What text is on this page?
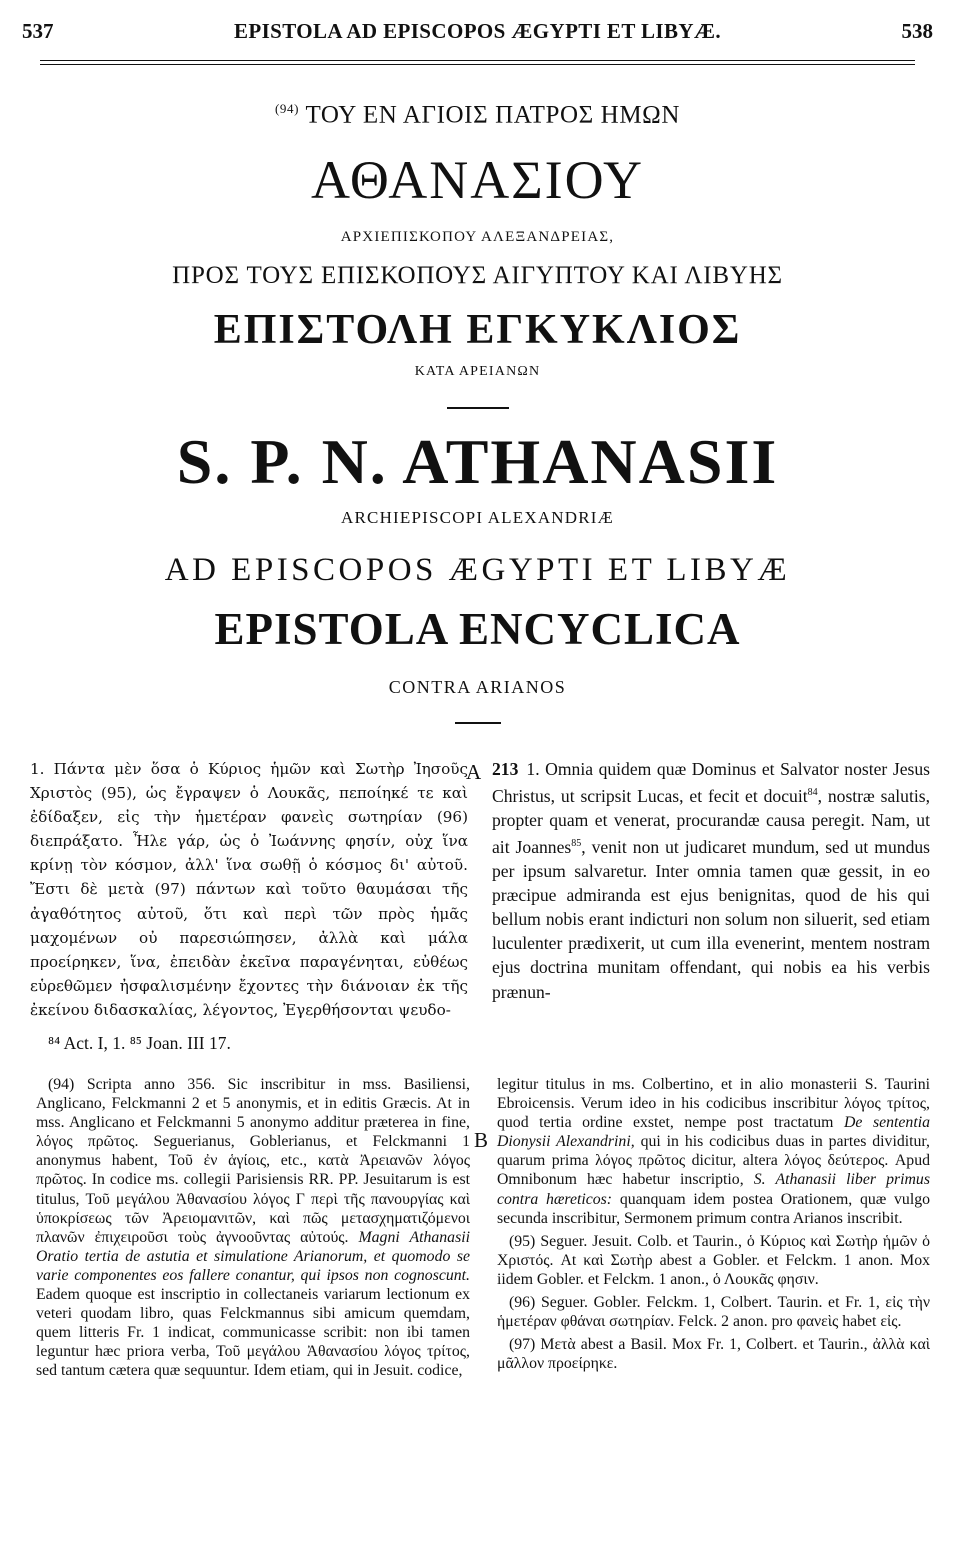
537	EPISTOLA AD EPISCOPOS ÆGYPTI ET LIBYÆ.	538
$^{(94)}$ ΤΟΥ ΕΝ ΑΓΙΟΙΣ ΠΑΤΡΟΣ ΗΜΩΝ
ΑΘΑΝΑΣΙΟΥ
ΑΡΧΙΕΠΙΣΚΟΠΟΥ ΑΛΕΞΑΝΔΡΕΙΑΣ,
ΠΡΟΣ ΤΟΥΣ ΕΠΙΣΚΟΠΟΥΣ ΑΙΓΥΠΤΟΥ ΚΑΙ ΛΙΒΥΗΣ
ΕΠΙΣΤΟΛΗ ΕΓΚΥΚΛΙΟΣ
ΚΑΤΑ ΑΡΕΙΑΝΩΝ
S. P. N. ATHANASII
ARCHIEPISCOPI ALEXANDRIÆ
AD EPISCOPOS ÆGYPTI ET LIBYÆ
EPISTOLA ENCYCLICA
CONTRA ARIANOS

1. Πάντα μὲν ὅσα ὁ Κύριος ἡμῶν καὶ Σωτὴρ Ἰησοῦς Χριστὸς (95), ὡς ἔγραψεν ὁ Λουκᾶς, πεποίηκέ τε καὶ ἐδίδαξεν, εἰς τὴν ἡμετέραν φανεὶς σωτηρίαν (96) διεπράξατο. Ἦλε γάρ, ὡς ὁ Ἰωάννης φησίν, οὐχ ἵνα κρίνῃ τὸν κόσμον, ἀλλ' ἵνα σωθῇ ὁ κόσμος δι' αὐτοῦ. Ἔστι δὲ μετὰ (97) πάντων καὶ τοῦτο θαυμάσαι τῆς ἀγαθότητος αὐτοῦ, ὅτι καὶ περὶ τῶν πρὸς ἡμᾶς μαχομένων οὐ παρεσιώπησεν, ἀλλὰ καὶ μάλα προείρηκεν, ἵνα, ἐπειδὰν ἐκεῖνα παραγένηται, εὐθέως εὑρεθῶμεν ἠσφαλισμένην ἔχοντες τὴν διάνοιαν ἐκ τῆς ἐκείνου διδασκαλίας, λέγοντος, Ἐγερθήσονται ψευδο-

213 1. Omnia quidem quæ Dominus et Salvator noster Jesus Christus, ut scripsit Lucas, et fecit et docuit$^{84}$, nostræ salutis, propter quam et venerat, procurandæ causa peregit. Nam, ut ait Joannes$^{85}$, venit non ut judicaret mundum, sed ut mundus per ipsum salvaretur. Inter omnia tamen quæ gessit, in eo præcipue admiranda est ejus benignitas, quod de his qui bellum nobis erant indicturi non solum non siluerit, sed etiam luculenter prædixerit, ut cum illa evenerint, mentem nostram ejus doctrina munitam offendant, qui nobis ea his verbis prænun-

A
B
⁸⁴ Act. I, 1. ⁸⁵ Joan. III 17.

(94) Scripta anno 356. Sic inscribitur in mss. Basiliensi, Anglicano, Felckmanni 2 et 5 anonymis, et in editis Græcis. At in mss. Anglicano et Felckmanni 5 anonymo additur præterea in fine, λόγος πρῶτος. Seguerianus, Goblerianus, et Felckmanni 1 anonymus habent, Τοῦ ἐν ἁγίοις, etc., κατὰ Ἀρειανῶν λόγος πρῶτος. In codice ms. collegii Parisiensis RR. PP. Jesuitarum is est titulus, Τοῦ μεγάλου Ἀθανασίου λόγος Γ περὶ τῆς πανουργίας καὶ ὑποκρίσεως τῶν Ἀρειομανιτῶν, καὶ πῶς μετασχηματιζόμενοι πλανῶν ἐπιχειροῦσι τοὺς ἀγνοοῦντας αὐτούς. Magni Athanasii Oratio tertia de astutia et simulatione Arianorum, et quomodo se varie componentes eos fallere conantur, qui ipsos non cognoscunt. Eadem quoque est inscriptio in collectaneis variarum lectionum ex veteri quodam libro, quas Felckmannus sibi amicum quemdam, quem litteris Fr. 1 indicat, communicasse scribit: non ibi tamen leguntur hæc priora verba, Τοῦ μεγάλου Ἀθανασίου λόγος τρίτος, sed tantum cætera quæ sequuntur. Idem etiam, qui in Jesuit. codice,

legitur titulus in ms. Colbertino, et in alio monasterii S. Taurini Ebroicensis. Verum ideo in his codicibus inscribitur λόγος τρίτος, quod tertia ordine exstet, nempe post tractatum De sententia Dionysii Alexandrini, qui in his codicibus duas in partes dividitur, quarum prima λόγος πρῶτος dicitur, altera λόγος δεύτερος. Apud Omnibonum hæc habetur inscriptio, S. Athanasii liber primus contra hæreticos: quanquam idem postea Orationem, quæ vulgo secunda inscribitur, Sermonem primum contra Arianos inscribit.

(95) Seguer. Jesuit. Colb. et Taurin., ὁ Κύριος καὶ Σωτὴρ ἡμῶν ὁ Χριστός. At καὶ Σωτὴρ abest a Gobler. et Felckm. 1 anon. Mox iidem Gobler. et Felckm. 1 anon., ὁ Λουκᾶς φησιν.

(96) Seguer. Gobler. Felckm. 1, Colbert. Taurin. et Fr. 1, εἰς τὴν ἡμετέραν φθάναι σωτηρίαν. Felck. 2 anon. pro φανεὶς habet εἰς.

(97) Μετὰ abest a Basil. Mox Fr. 1, Colbert. et Taurin., ἀλλὰ καὶ μᾶλλον προείρηκε.
